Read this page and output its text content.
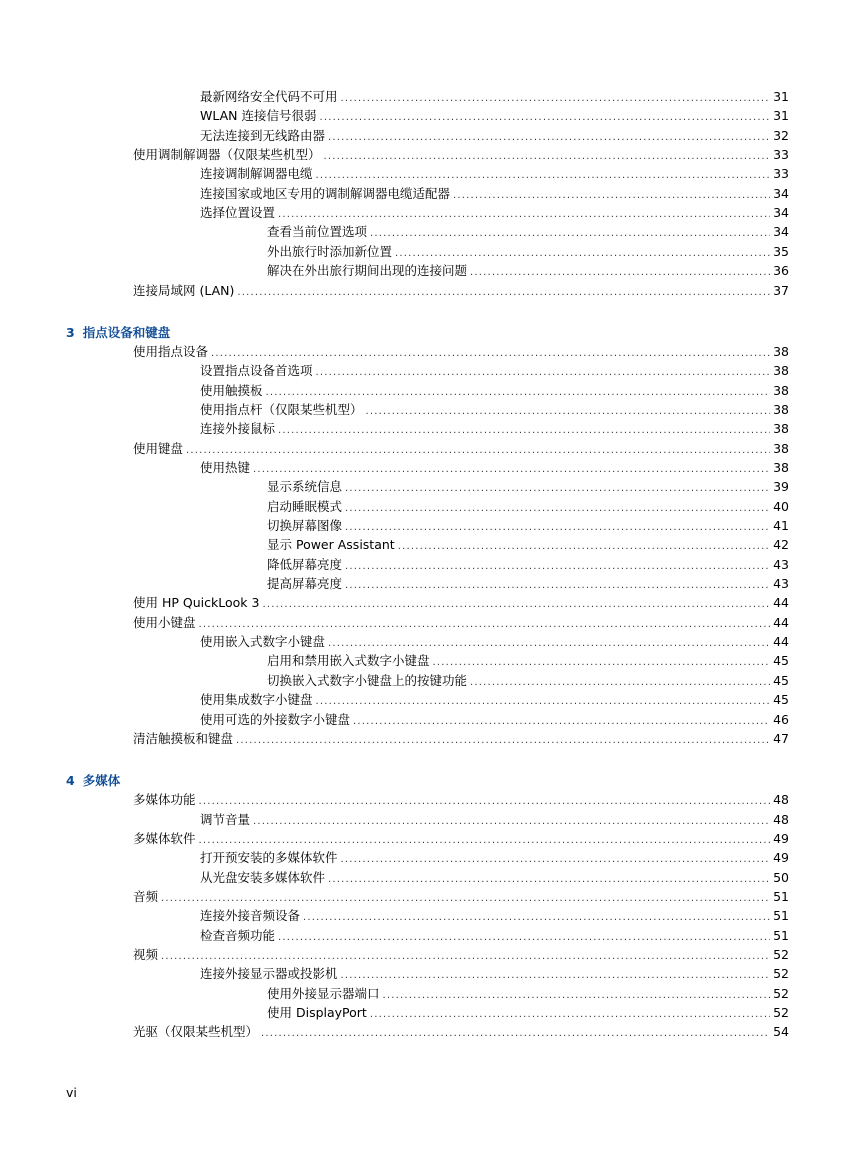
最新网络安全代码不可用 .....	31
WLAN 连接信号很弱 .....	31
无法连接到无线路由器 .....	32
使用调制解调器（仅限某些机型） .....	33
连接调制解调器电缆 .....	33
连接国家或地区专用的调制解调器电缆适配器 .....	34
选择位置设置 .....	34
查看当前位置选项 .....	34
外出旅行时添加新位置 .....	35
解决在外出旅行期间出现的连接问题 .....	36
连接局域网 (LAN) .....	37
3 指点设备和键盘
使用指点设备 .....	38
设置指点设备首选项 .....	38
使用触摸板 .....	38
使用指点杆（仅限某些机型） .....	38
连接外接鼠标 .....	38
使用键盘 .....	38
使用热键 .....	38
显示系统信息 .....	39
启动睡眠模式 .....	40
切换屏幕图像 .....	41
显示 Power Assistant .....	42
降低屏幕亮度 .....	43
提高屏幕亮度 .....	43
使用 HP QuickLook 3 .....	44
使用小键盘 .....	44
使用嵌入式数字小键盘 .....	44
启用和禁用嵌入式数字小键盘 .....	45
切换嵌入式数字小键盘上的按键功能 .....	45
使用集成数字小键盘 .....	45
使用可选的外接数字小键盘 .....	46
清洁触摸板和键盘 .....	47
4 多媒体
多媒体功能 .....	48
调节音量 .....	48
多媒体软件 .....	49
打开预安装的多媒体软件 .....	49
从光盘安装多媒体软件 .....	50
音频 .....	51
连接外接音频设备 .....	51
检查音频功能 .....	51
视频 .....	52
连接外接显示器或投影机 .....	52
使用外接显示器端口 .....	52
使用 DisplayPort .....	52
光驱（仅限某些机型） .....	54
vi
